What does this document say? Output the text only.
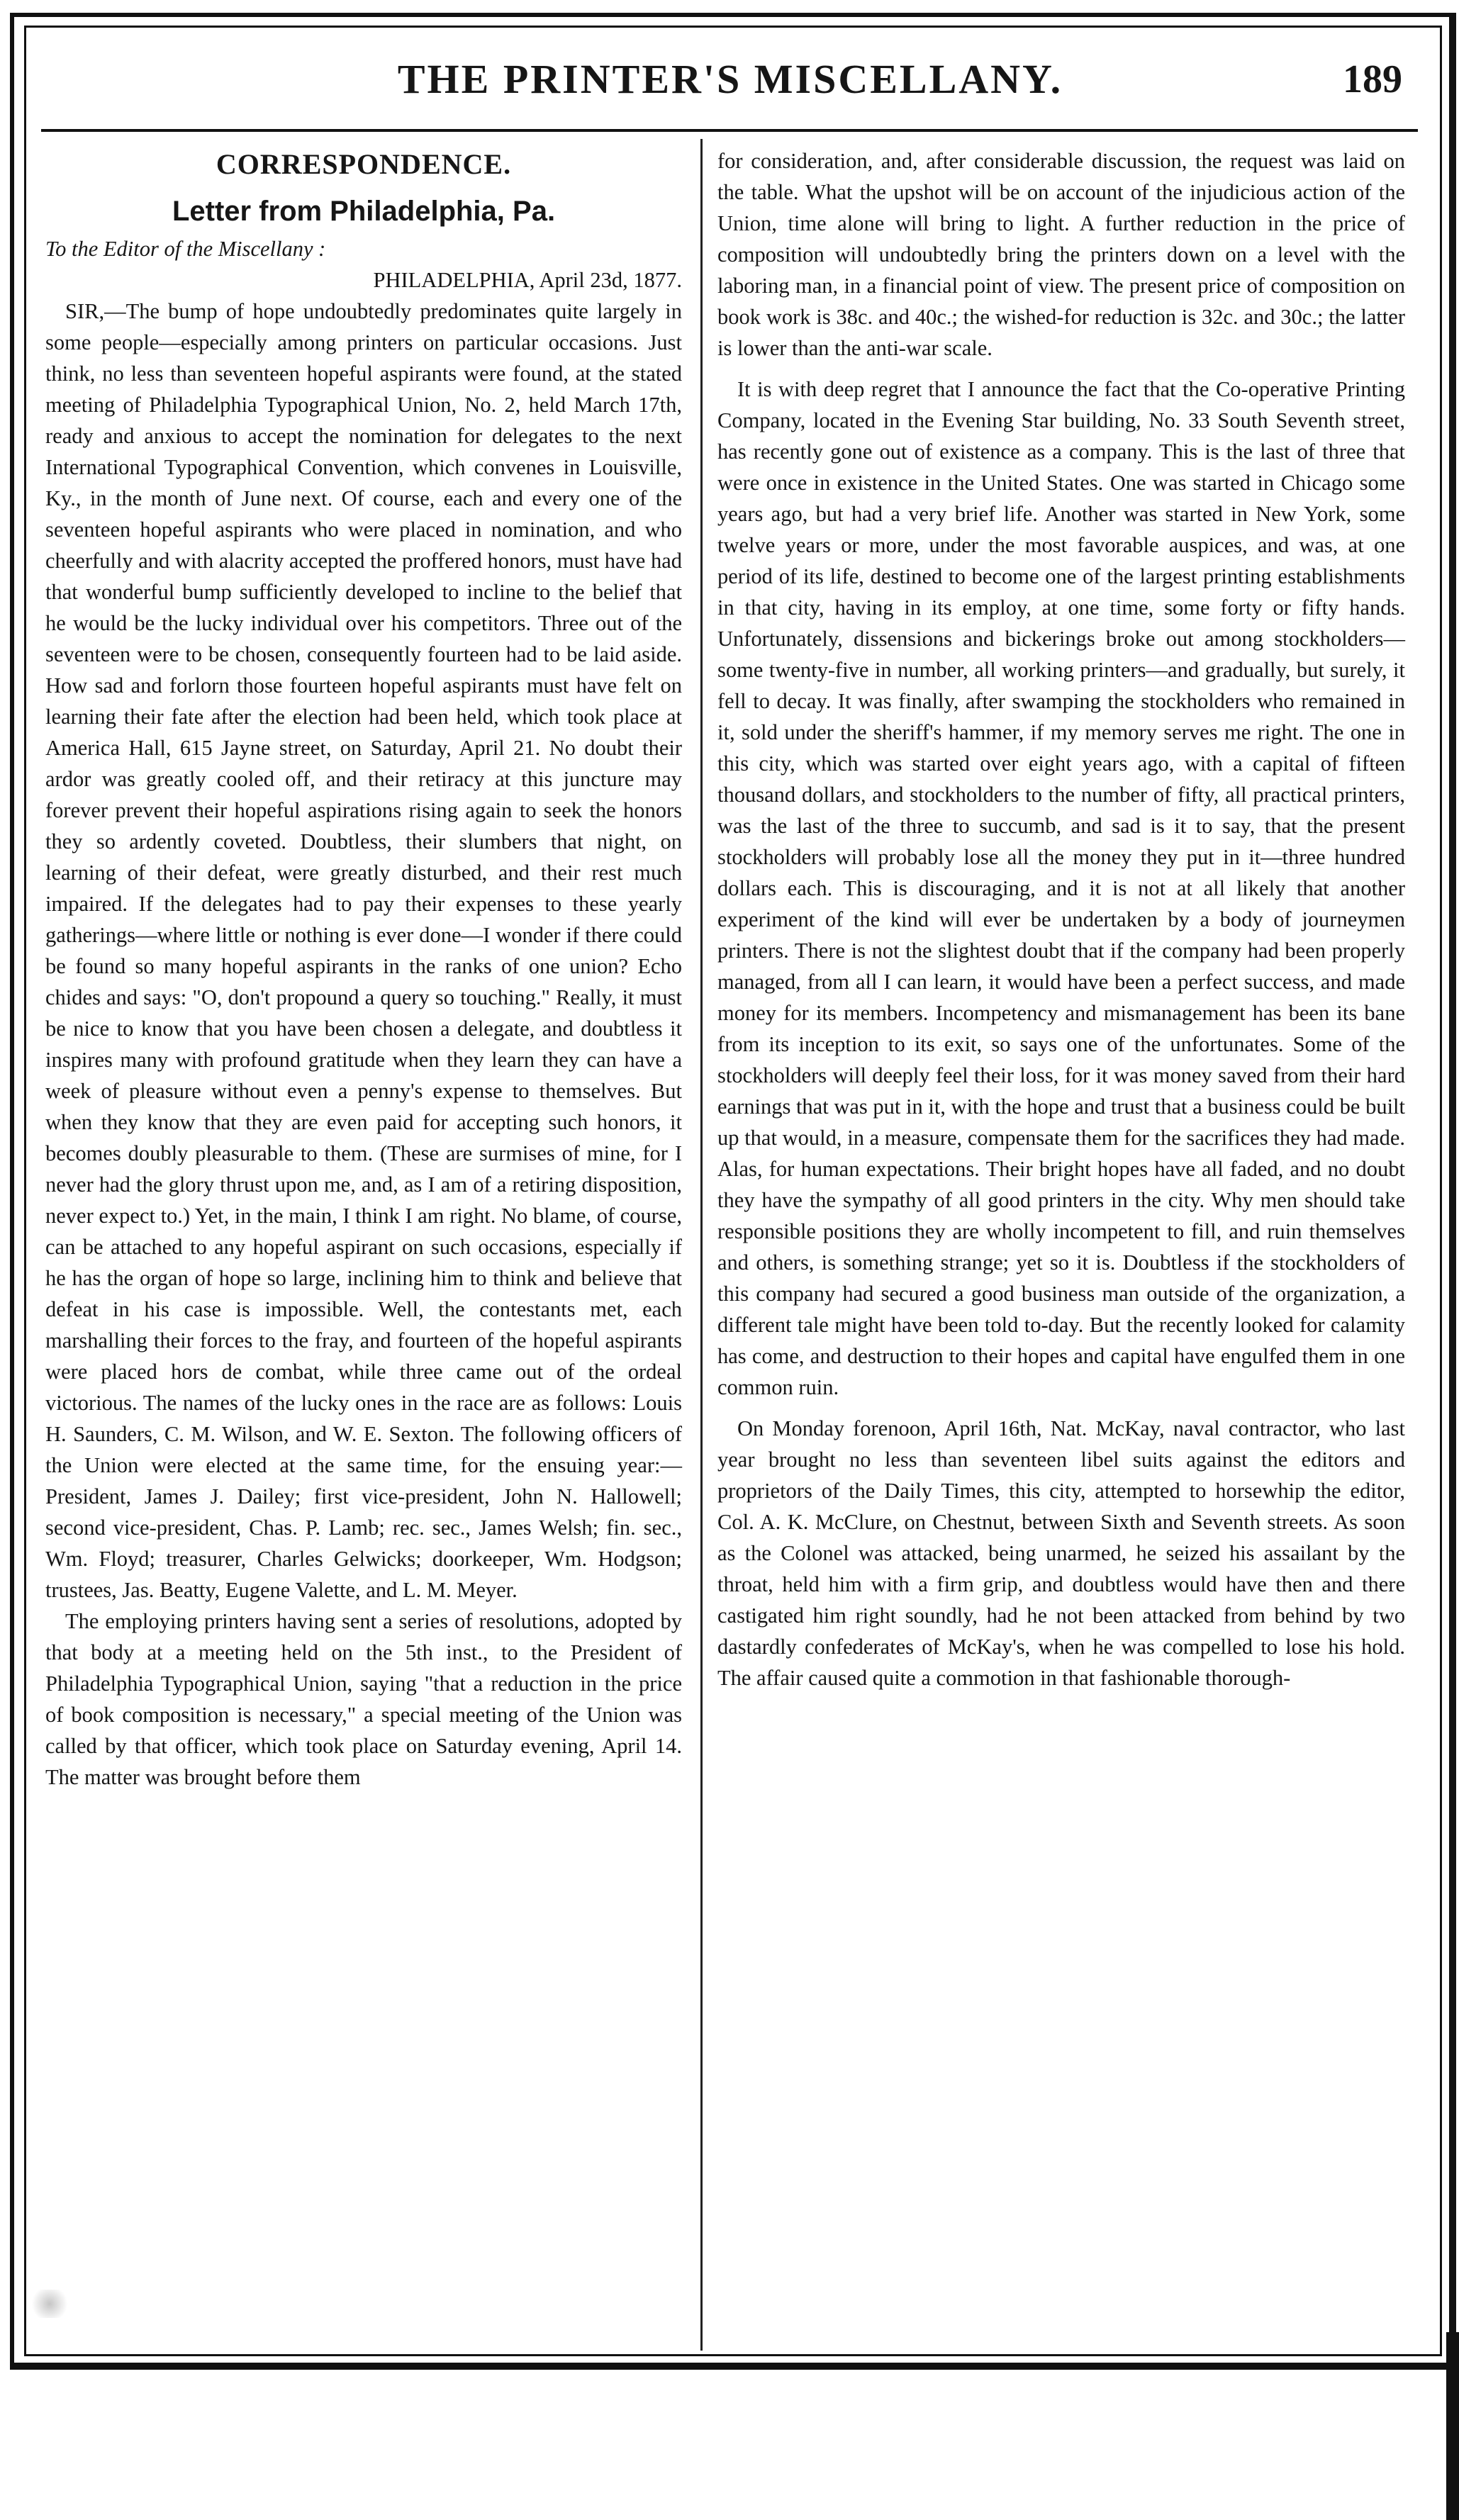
THE PRINTER'S MISCELLANY.	189
CORRESPONDENCE.
Letter from Philadelphia, Pa.

To the Editor of the Miscellany :

PHILADELPHIA, April 23d, 1877.

SIR,—The bump of hope undoubtedly predominates quite largely in some people—especially among printers on particular occasions. Just think, no less than seventeen hopeful aspirants were found, at the stated meeting of Philadelphia Typographical Union, No. 2, held March 17th, ready and anxious to accept the nomination for delegates to the next International Typographical Convention, which convenes in Louisville, Ky., in the month of June next. Of course, each and every one of the seventeen hopeful aspirants who were placed in nomination, and who cheerfully and with alacrity accepted the proffered honors, must have had that wonderful bump sufficiently developed to incline to the belief that he would be the lucky individual over his competitors. Three out of the seventeen were to be chosen, consequently fourteen had to be laid aside. How sad and forlorn those fourteen hopeful aspirants must have felt on learning their fate after the election had been held, which took place at America Hall, 615 Jayne street, on Saturday, April 21. No doubt their ardor was greatly cooled off, and their retiracy at this juncture may forever prevent their hopeful aspirations rising again to seek the honors they so ardently coveted. Doubtless, their slumbers that night, on learning of their defeat, were greatly disturbed, and their rest much impaired. If the delegates had to pay their expenses to these yearly gatherings—where little or nothing is ever done—I wonder if there could be found so many hopeful aspirants in the ranks of one union? Echo chides and says: "O, don't propound a query so touching." Really, it must be nice to know that you have been chosen a delegate, and doubtless it inspires many with profound gratitude when they learn they can have a week of pleasure without even a penny's expense to themselves. But when they know that they are even paid for accepting such honors, it becomes doubly pleasurable to them. (These are surmises of mine, for I never had the glory thrust upon me, and, as I am of a retiring disposition, never expect to.) Yet, in the main, I think I am right. No blame, of course, can be attached to any hopeful aspirant on such occasions, especially if he has the organ of hope so large, inclining him to think and believe that defeat in his case is impossible. Well, the contestants met, each marshalling their forces to the fray, and fourteen of the hopeful aspirants were placed hors de combat, while three came out of the ordeal victorious. The names of the lucky ones in the race are as follows: Louis H. Saunders, C. M. Wilson, and W. E. Sexton. The following officers of the Union were elected at the same time, for the ensuing year:—President, James J. Dailey; first vice-president, John N. Hallowell; second vice-president, Chas. P. Lamb; rec. sec., James Welsh; fin. sec., Wm. Floyd; treasurer, Charles Gelwicks; doorkeeper, Wm. Hodgson; trustees, Jas. Beatty, Eugene Valette, and L. M. Meyer.

The employing printers having sent a series of resolutions, adopted by that body at a meeting held on the 5th inst., to the President of Philadelphia Typographical Union, saying "that a reduction in the price of book composition is necessary," a special meeting of the Union was called by that officer, which took place on Saturday evening, April 14. The matter was brought before them

for consideration, and, after considerable discussion, the request was laid on the table. What the upshot will be on account of the injudicious action of the Union, time alone will bring to light. A further reduction in the price of composition will undoubtedly bring the printers down on a level with the laboring man, in a financial point of view. The present price of composition on book work is 38c. and 40c.; the wished-for reduction is 32c. and 30c.; the latter is lower than the anti-war scale.

It is with deep regret that I announce the fact that the Co-operative Printing Company, located in the Evening Star building, No. 33 South Seventh street, has recently gone out of existence as a company. This is the last of three that were once in existence in the United States. One was started in Chicago some years ago, but had a very brief life. Another was started in New York, some twelve years or more, under the most favorable auspices, and was, at one period of its life, destined to become one of the largest printing establishments in that city, having in its employ, at one time, some forty or fifty hands. Unfortunately, dissensions and bickerings broke out among stockholders—some twenty-five in number, all working printers—and gradually, but surely, it fell to decay. It was finally, after swamping the stockholders who remained in it, sold under the sheriff's hammer, if my memory serves me right. The one in this city, which was started over eight years ago, with a capital of fifteen thousand dollars, and stockholders to the number of fifty, all practical printers, was the last of the three to succumb, and sad is it to say, that the present stockholders will probably lose all the money they put in it—three hundred dollars each. This is discouraging, and it is not at all likely that another experiment of the kind will ever be undertaken by a body of journeymen printers. There is not the slightest doubt that if the company had been properly managed, from all I can learn, it would have been a perfect success, and made money for its members. Incompetency and mismanagement has been its bane from its inception to its exit, so says one of the unfortunates. Some of the stockholders will deeply feel their loss, for it was money saved from their hard earnings that was put in it, with the hope and trust that a business could be built up that would, in a measure, compensate them for the sacrifices they had made. Alas, for human expectations. Their bright hopes have all faded, and no doubt they have the sympathy of all good printers in the city. Why men should take responsible positions they are wholly incompetent to fill, and ruin themselves and others, is something strange; yet so it is. Doubtless if the stockholders of this company had secured a good business man outside of the organization, a different tale might have been told to-day. But the recently looked for calamity has come, and destruction to their hopes and capital have engulfed them in one common ruin.

On Monday forenoon, April 16th, Nat. McKay, naval contractor, who last year brought no less than seventeen libel suits against the editors and proprietors of the Daily Times, this city, attempted to horsewhip the editor, Col. A. K. McClure, on Chestnut, between Sixth and Seventh streets. As soon as the Colonel was attacked, being unarmed, he seized his assailant by the throat, held him with a firm grip, and doubtless would have then and there castigated him right soundly, had he not been attacked from behind by two dastardly confederates of McKay's, when he was compelled to lose his hold. The affair caused quite a commotion in that fashionable thorough-
